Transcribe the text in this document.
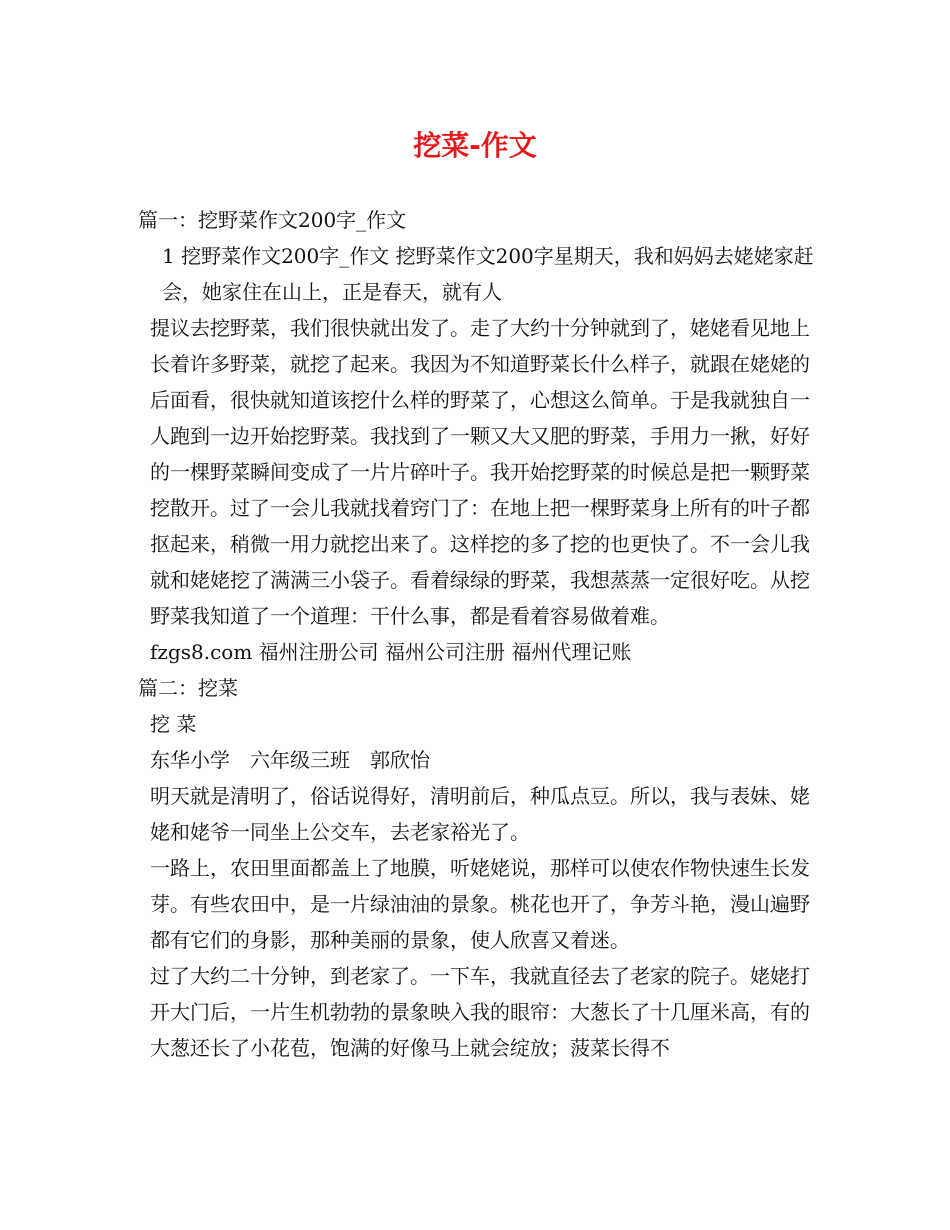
挖菜-作文

篇一：挖野菜作文200字_作文

1 挖野菜作文200字_作文 挖野菜作文200字星期天，我和妈妈去姥姥家赶会，她家住在山上，正是春天，就有人

提议去挖野菜，我们很快就出发了。走了大约十分钟就到了，姥姥看见地上长着许多野菜，就挖了起来。我因为不知道野菜长什么样子，就跟在姥姥的后面看，很快就知道该挖什么样的野菜了，心想这么简单。于是我就独自一人跑到一边开始挖野菜。我找到了一颗又大又肥的野菜，手用力一揪，好好的一棵野菜瞬间变成了一片片碎叶子。我开始挖野菜的时候总是把一颗野菜挖散开。过了一会儿我就找着窍门了：在地上把一棵野菜身上所有的叶子都抠起来，稍微一用力就挖出来了。这样挖的多了挖的也更快了。不一会儿我就和姥姥挖了满满三小袋子。看着绿绿的野菜，我想蒸蒸一定很好吃。从挖野菜我知道了一个道理：干什么事，都是看着容易做着难。

fzgs8.com 福州注册公司 福州公司注册 福州代理记账

篇二：挖菜

挖 菜

东华小学　六年级三班　郭欣怡

明天就是清明了，俗话说得好，清明前后，种瓜点豆。所以，我与表妹、姥姥和姥爷一同坐上公交车，去老家裕光了。

一路上，农田里面都盖上了地膜，听姥姥说，那样可以使农作物快速生长发芽。有些农田中，是一片绿油油的景象。桃花也开了，争芳斗艳，漫山遍野都有它们的身影，那种美丽的景象，使人欣喜又着迷。

过了大约二十分钟，到老家了。一下车，我就直径去了老家的院子。姥姥打开大门后，一片生机勃勃的景象映入我的眼帘：大葱长了十几厘米高，有的大葱还长了小花苞，饱满的好像马上就会绽放；菠菜长得不
